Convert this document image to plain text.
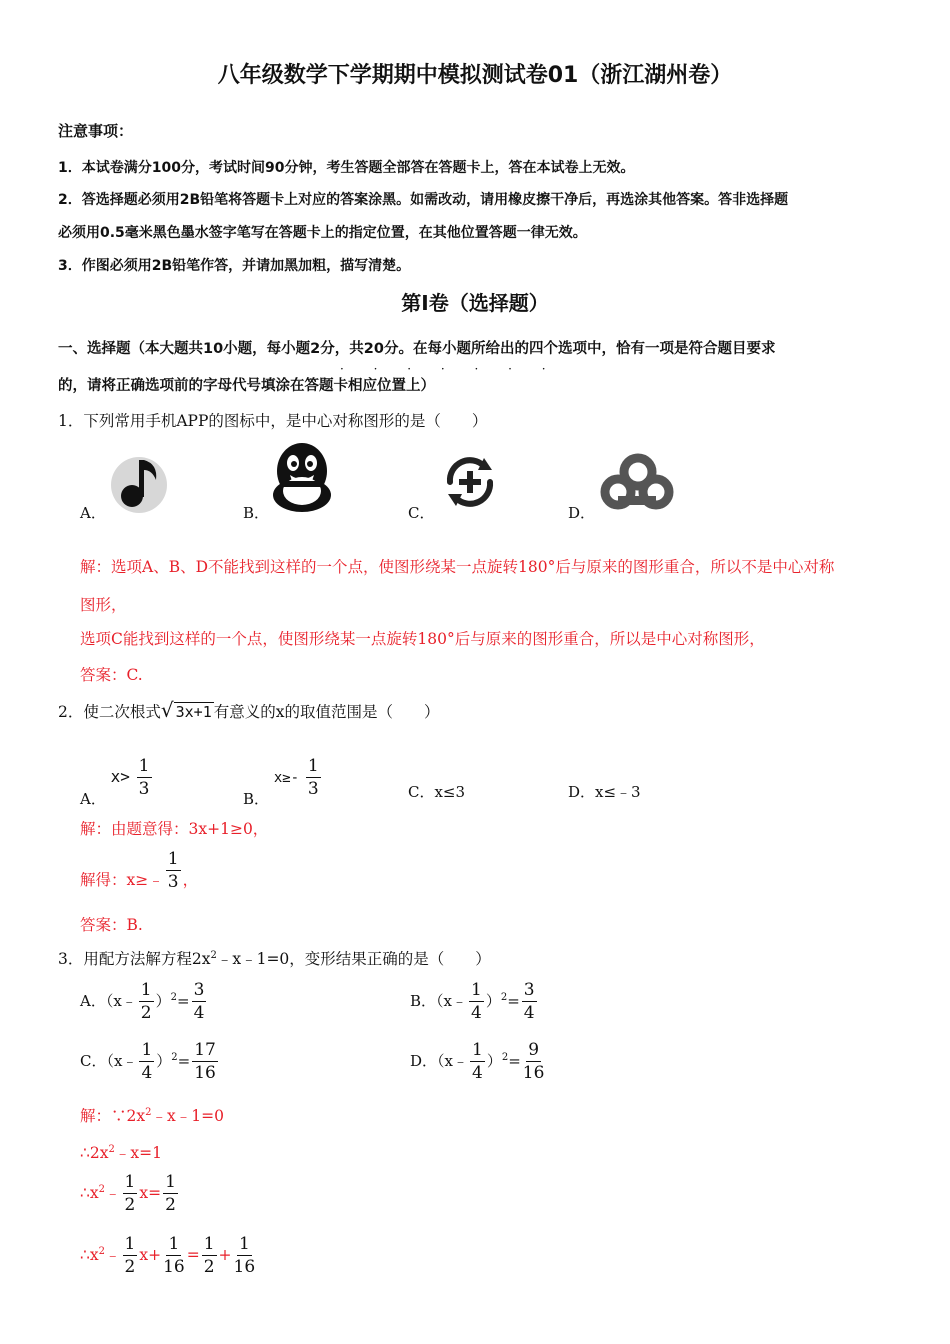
八年级数学下学期期中模拟测试卷01（浙江湖州卷）
注意事项：
1．本试卷满分100分，考试时间90分钟，考生答题全部答在答题卡上，答在本试卷上无效。
2．答选择题必须用2B铅笔将答题卡上对应的答案涂黑。如需改动，请用橡皮擦干净后，再选涂其他答案。答非选择题
必须用0.5毫米黑色墨水签字笔写在答题卡上的指定位置，在其他位置答题一律无效。
3．作图必须用2B铅笔作答，并请加黑加粗，描写清楚。
第Ⅰ卷（选择题）
一、选择题（本大题共10小题，每小题2分，共20分。在每小题所给出的四个选项中，恰有一项是符合题目要求
的，请将正确选项前的字母代号填涂在答题卡相应位置上）
· · · · · · ·
1．下列常用手机APP的图标中，是中心对称图形的是（　　）
A．	B．	C．	D．
解：选项A、B、D不能找到这样的一个点，使图形绕某一点旋转180°后与原来的图形重合，所以不是中心对称
图形，
选项C能找到这样的一个点，使图形绕某一点旋转180°后与原来的图形重合，所以是中心对称图形，
答案：C.
2．使二次根式√ 3x+1 有意义的x的取值范围是（　　）
A． $x> \frac{1}{3}$
B． $x\ge- \frac{1}{3}$	C．x≤3	D．x≤﹣3
解：由题意得：3x+1≥0，
解得：x≥﹣ $\frac{1}{3}$ ，
答案：B.
3．用配方法解方程$2x^2﹣x﹣1=0$，变形结果正确的是（　　）
A．（x﹣ $\frac{1}{2} )^2= \frac{3}{4}$	B．（x﹣ $\frac{1}{4} )^2= \frac{3}{4}$
C．（x﹣ $\frac{1}{4} )^2= \frac{17}{16}$	D．（x﹣ $\frac{1}{4} )^2= \frac{9}{16}$
解：$\because 2x^2﹣x﹣1=0$
$\therefore 2x^2﹣x=1$
$\therefore x^2﹣ \frac{1}{2} x= \frac{1}{2}$
$\therefore x^2﹣ \frac{1}{2} x+ \frac{1}{16} = \frac{1}{2} + \frac{1}{16}$
